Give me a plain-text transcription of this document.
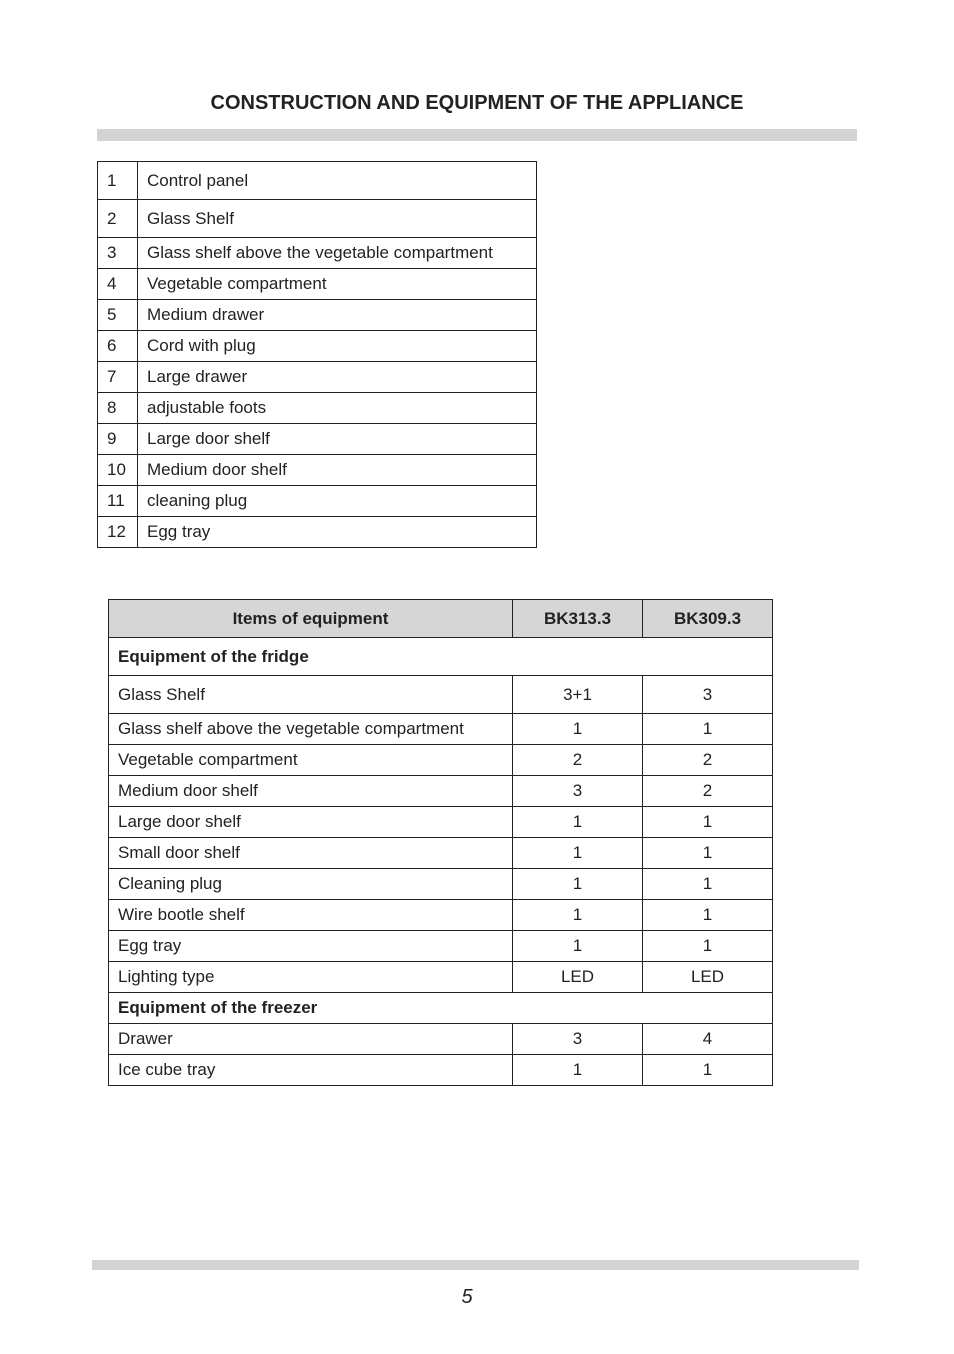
CONSTRUCTION AND EQUIPMENT OF THE APPLIANCE
1	Control panel
2	Glass Shelf
3	Glass shelf above the vegetable compartment
4	Vegetable compartment
5	Medium drawer
6	Cord with plug
7	Large drawer
8	adjustable foots
9	Large door shelf
10	Medium door shelf
11	cleaning plug
12	Egg tray
Items of equipment	BK313.3	BK309.3
Equipment of the fridge		
Glass Shelf	3+1	3
Glass shelf above the vegetable compartment	1	1
Vegetable compartment	2	2
Medium door shelf	3	2
Large door shelf	1	1
Small door shelf	1	1
Cleaning plug	1	1
Wire bootle shelf	1	1
Egg tray	1	1
Lighting type	LED	LED
Equipment of the freezer		
Drawer	3	4
Ice cube tray	1	1
5
